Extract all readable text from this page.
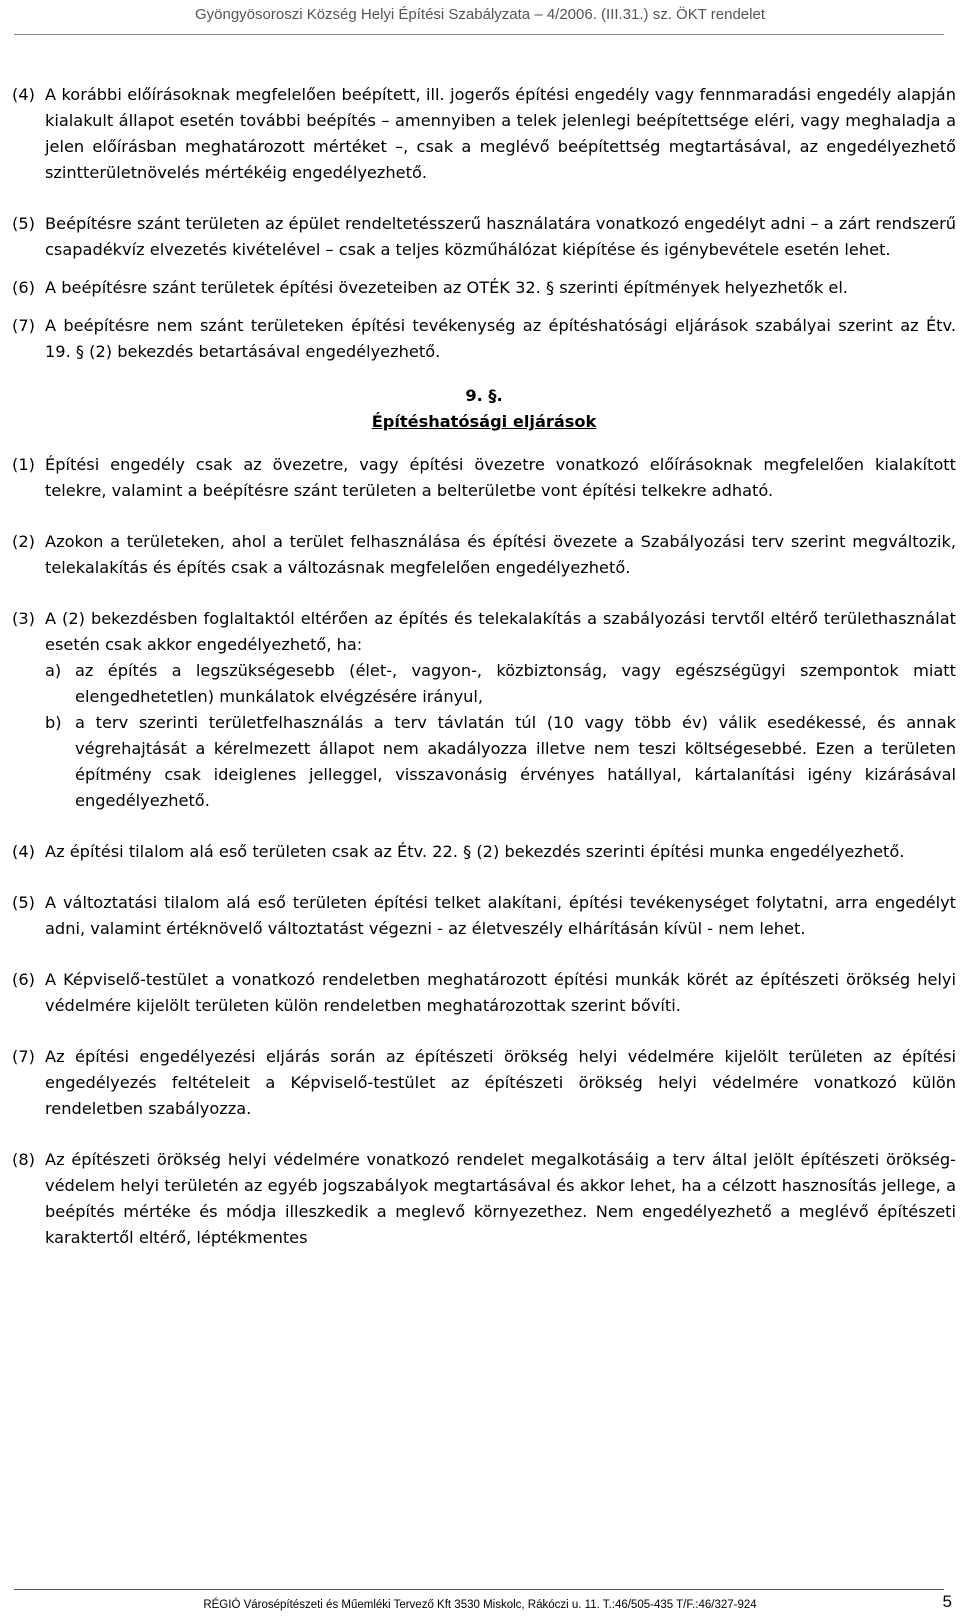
Gyöngyösoroszi Község Helyi Építési Szabályzata – 4/2006. (III.31.) sz. ÖKT rendelet
(4) A korábbi előírásoknak megfelelően beépített, ill. jogerős építési engedély vagy fennmaradási engedély alapján kialakult állapot esetén további beépítés – amennyiben a telek jelenlegi beépítettsége eléri, vagy meghaladja a jelen előírásban meghatározott mértéket –, csak a meglévő beépítettség megtartásával, az engedélyezhető szintterületnövelés mértékéig engedélyezhető.
(5) Beépítésre szánt területen az épület rendeltetésszerű használatára vonatkozó engedélyt adni – a zárt rendszerű csapadékvíz elvezetés kivételével – csak a teljes közműhálózat kiépítése és igénybevétele esetén lehet.
(6) A beépítésre szánt területek építési övezeteiben az OTÉK 32. § szerinti építmények helyezhetők el.
(7) A beépítésre nem szánt területeken építési tevékenység az építéshatósági eljárások szabályai szerint az Étv. 19. § (2) bekezdés betartásával engedélyezhető.
9. §.
Építéshatósági eljárások
(1) Építési engedély csak az övezetre, vagy építési övezetre vonatkozó előírásoknak megfelelően kialakított telekre, valamint a beépítésre szánt területen a belterületbe vont építési telkekre adható.
(2) Azokon a területeken, ahol a terület felhasználása és építési övezete a Szabályozási terv szerint megváltozik, telekalakítás és építés csak a változásnak megfelelően engedélyezhető.
(3) A (2) bekezdésben foglaltaktól eltérően az építés és telekalakítás a szabályozási tervtől eltérő területhasználat esetén csak akkor engedélyezhető, ha:
a) az építés a legszükségesebb (élet-, vagyon-, közbiztonság, vagy egészségügyi szempontok miatt elengedhetetlen) munkálatok elvégzésére irányul,
b) a terv szerinti területfelhasználás a terv távlatán túl (10 vagy több év) válik esedékessé, és annak végrehajtását a kérelmezett állapot nem akadályozza illetve nem teszi költségesebbé. Ezen a területen építmény csak ideiglenes jelleggel, visszavonásig érvényes hatállyal, kártalanítási igény kizárásával engedélyezhető.
(4) Az építési tilalom alá eső területen csak az Étv. 22. § (2) bekezdés szerinti építési munka engedélyezhető.
(5) A változtatási tilalom alá eső területen építési telket alakítani, építési tevékenységet folytatni, arra engedélyt adni, valamint értéknövelő változtatást végezni - az életveszély elhárításán kívül - nem lehet.
(6) A Képviselő-testület a vonatkozó rendeletben meghatározott építési munkák körét az építészeti örökség helyi védelmére kijelölt területen külön rendeletben meghatározottak szerint bővíti.
(7) Az építési engedélyezési eljárás során az építészeti örökség helyi védelmére kijelölt területen az építési engedélyezés feltételeit a Képviselő-testület az építészeti örökség helyi védelmére vonatkozó külön rendeletben szabályozza.
(8) Az építészeti örökség helyi védelmére vonatkozó rendelet megalkotásáig a terv által jelölt építészeti örökség-védelem helyi területén az egyéb jogszabályok megtartásával és akkor lehet, ha a célzott hasznosítás jellege, a beépítés mértéke és módja illeszkedik a meglevő környezethez. Nem engedélyezhető a meglévő építészeti karaktertől eltérő, léptékmentes
RÉGIÓ Városépítészeti és Műemléki Tervező Kft 3530 Miskolc, Rákóczi u. 11. T.:46/505-435 T/F.:46/327-924	5
